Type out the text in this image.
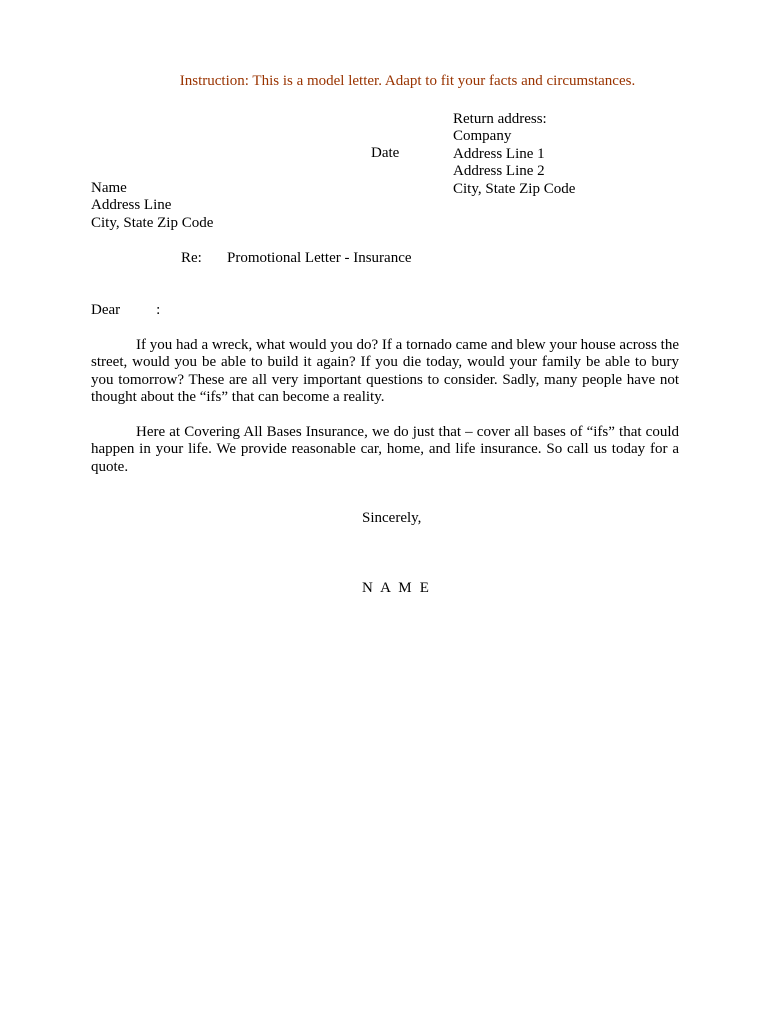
Instruction: This is a model letter. Adapt to fit your facts and circumstances.
Return address:
Company
Address Line 1
Address Line 2
City, State Zip Code
Date
Name
Address Line
City, State Zip Code
Re: Promotional Letter - Insurance
Dear :
If you had a wreck, what would you do? If a tornado came and blew your house across the street, would you be able to build it again? If you die today, would your family be able to bury you tomorrow? These are all very important questions to consider. Sadly, many people have not thought about the “ifs” that can become a reality.
Here at Covering All Bases Insurance, we do just that – cover all bases of “ifs” that could happen in your life. We provide reasonable car, home, and life insurance. So call us today for a quote.
Sincerely,
N A M E
